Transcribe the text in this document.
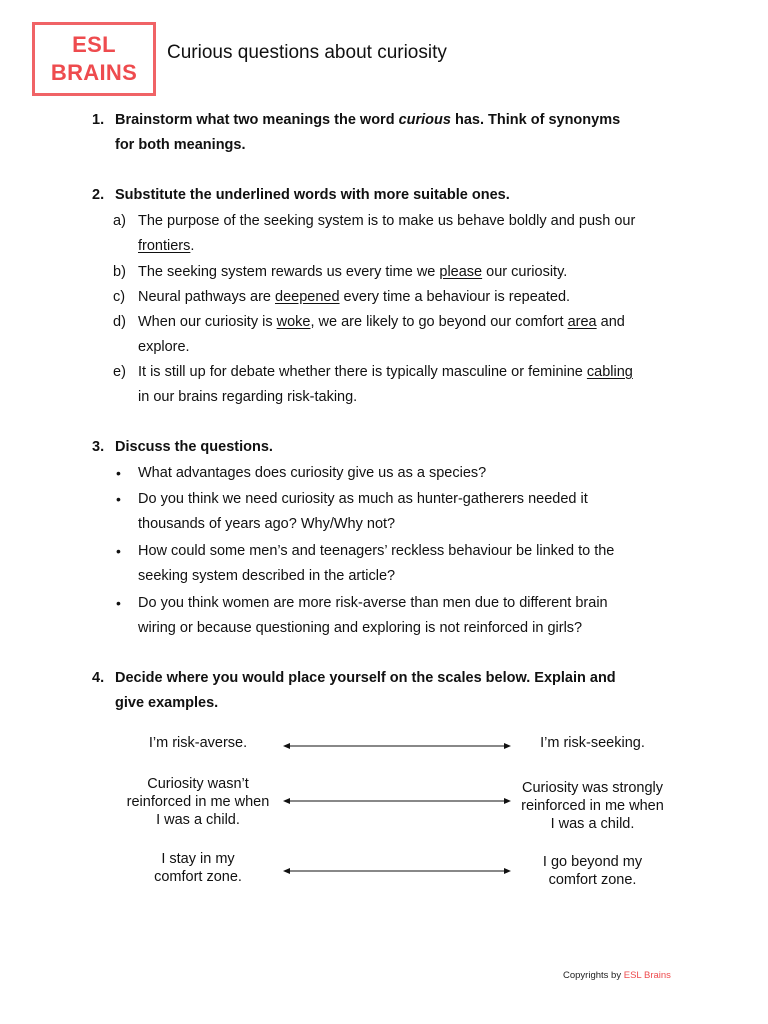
ESL
BRAINS
Curious questions about curiosity
1. Brainstorm what two meanings the word curious has. Think of synonyms
for both meanings.
2. Substitute the underlined words with more suitable ones.
a) The purpose of the seeking system is to make us behave boldly and push our
frontiers.
b) The seeking system rewards us every time we please our curiosity.
c) Neural pathways are deepened every time a behaviour is repeated.
d) When our curiosity is woke, we are likely to go beyond our comfort area and
explore.
e) It is still up for debate whether there is typically masculine or feminine cabling
in our brains regarding risk-taking.
3. Discuss the questions.
• What advantages does curiosity give us as a species?
• Do you think we need curiosity as much as hunter-gatherers needed it
thousands of years ago? Why/Why not?
• How could some men’s and teenagers’ reckless behaviour be linked to the
seeking system described in the article?
• Do you think women are more risk-averse than men due to different brain
wiring or because questioning and exploring is not reinforced in girls?
4. Decide where you would place yourself on the scales below. Explain and
give examples.
I’m risk-averse.	I’m risk-seeking.
Curiosity wasn’t
reinforced in me when
I was a child.
Curiosity was strongly
reinforced in me when
I was a child.
I stay in my
comfort zone.
I go beyond my
comfort zone.
Copyrights by ESL Brains
